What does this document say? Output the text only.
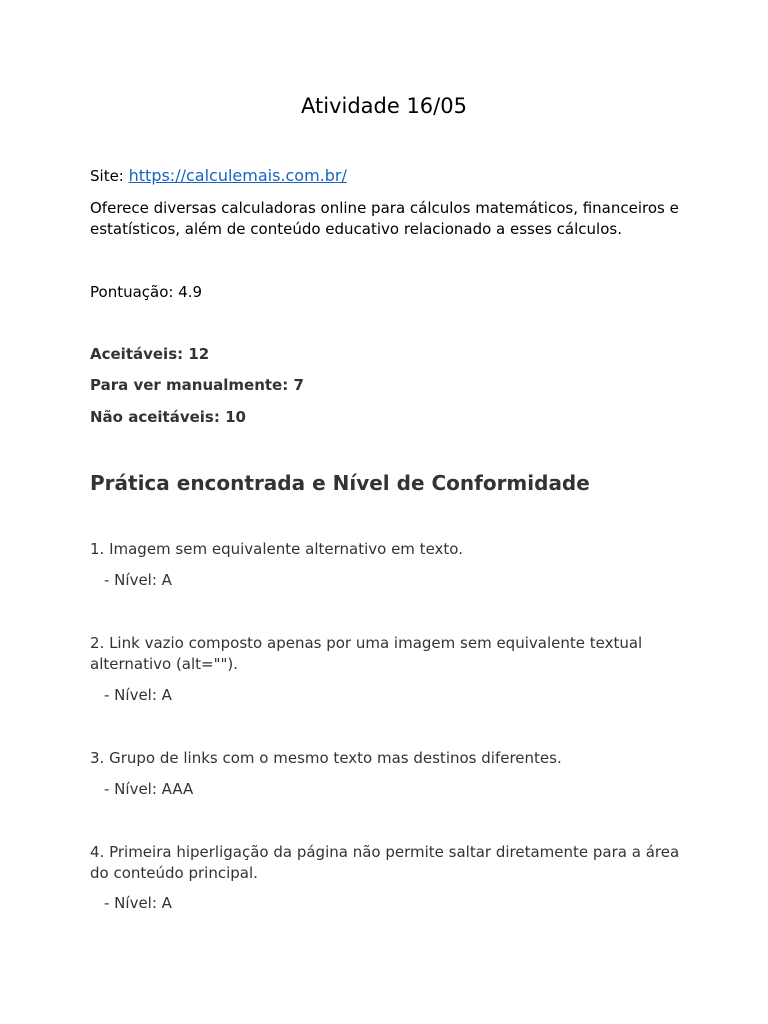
Atividade 16/05
Site: https://calculemais.com.br/

Oferece diversas calculadoras online para cálculos matemáticos, financeiros e estatísticos, além de conteúdo educativo relacionado a esses cálculos.

Pontuação: 4.9

Aceitáveis: 12

Para ver manualmente: 7

Não aceitáveis: 10

Prática encontrada e Nível de Conformidade

1. Imagem sem equivalente alternativo em texto.

- Nível: A

2. Link vazio composto apenas por uma imagem sem equivalente textual alternativo (alt="").

- Nível: A

3. Grupo de links com o mesmo texto mas destinos diferentes.

- Nível: AAA

4. Primeira hiperligação da página não permite saltar diretamente para a área do conteúdo principal.

- Nível: A
